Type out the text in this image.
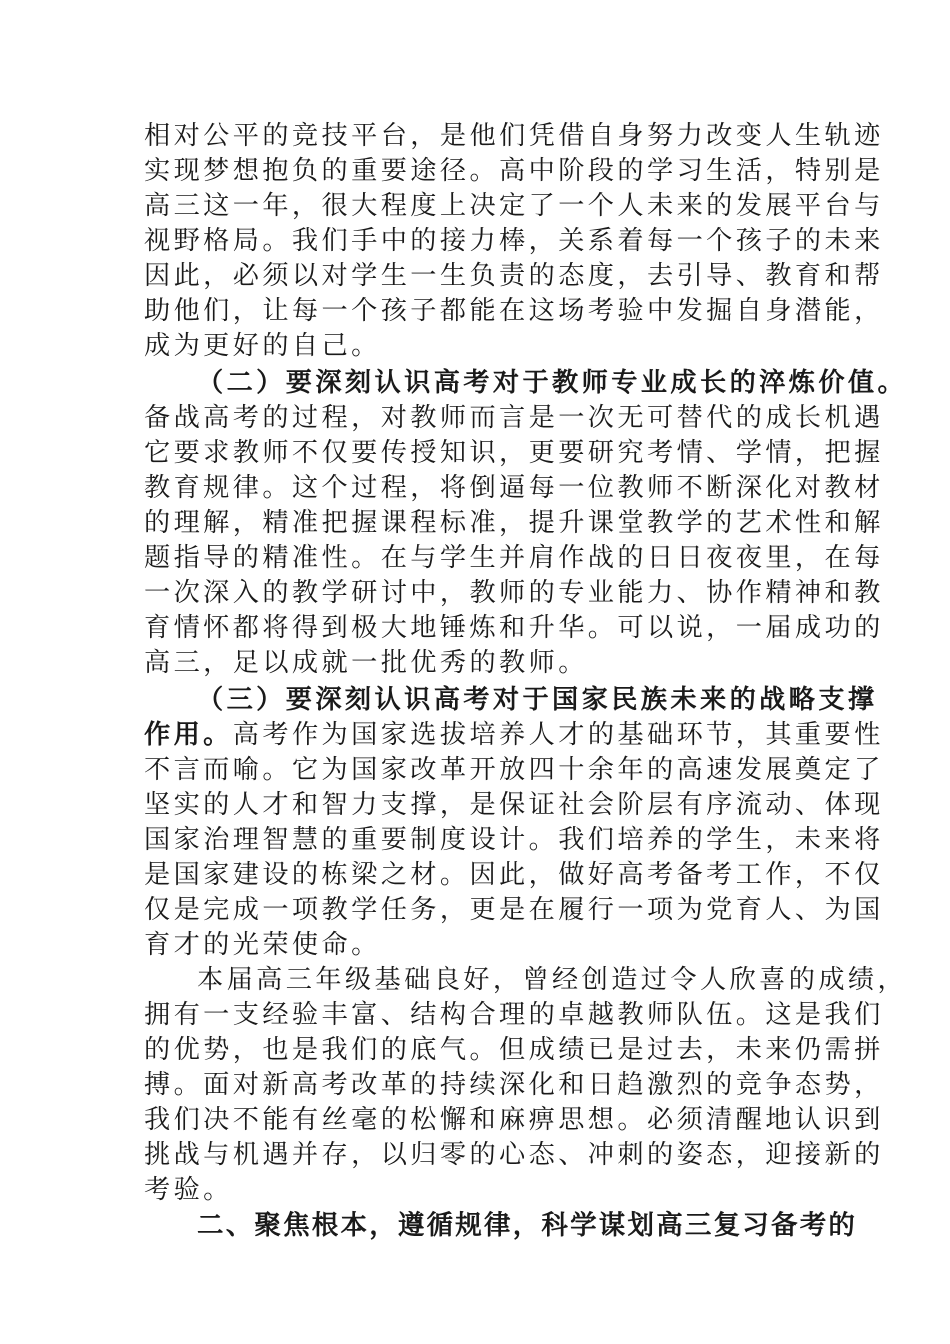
相对公平的竞技平台，是他们凭借自身努力改变人生轨迹
实现梦想抱负的重要途径。高中阶段的学习生活，特别是
高三这一年，很大程度上决定了一个人未来的发展平台与
视野格局。我们手中的接力棒，关系着每一个孩子的未来
因此，必须以对学生一生负责的态度，去引导、教育和帮
助他们，让每一个孩子都能在这场考验中发掘自身潜能，
成为更好的自己。
（二）要深刻认识高考对于教师专业成长的淬炼价值。
备战高考的过程，对教师而言是一次无可替代的成长机遇
它要求教师不仅要传授知识，更要研究考情、学情，把握
教育规律。这个过程，将倒逼每一位教师不断深化对教材
的理解，精准把握课程标准，提升课堂教学的艺术性和解
题指导的精准性。在与学生并肩作战的日日夜夜里，在每
一次深入的教学研讨中，教师的专业能力、协作精神和教
育情怀都将得到极大地锤炼和升华。可以说，一届成功的
高三，足以成就一批优秀的教师。
（三）要深刻认识高考对于国家民族未来的战略支撑
作用。高考作为国家选拔培养人才的基础环节，其重要性
不言而喻。它为国家改革开放四十余年的高速发展奠定了
坚实的人才和智力支撑，是保证社会阶层有序流动、体现
国家治理智慧的重要制度设计。我们培养的学生，未来将
是国家建设的栋梁之材。因此，做好高考备考工作，不仅
仅是完成一项教学任务，更是在履行一项为党育人、为国
育才的光荣使命。
本届高三年级基础良好，曾经创造过令人欣喜的成绩，
拥有一支经验丰富、结构合理的卓越教师队伍。这是我们
的优势，也是我们的底气。但成绩已是过去，未来仍需拼
搏。面对新高考改革的持续深化和日趋激烈的竞争态势，
我们决不能有丝毫的松懈和麻痹思想。必须清醒地认识到
挑战与机遇并存，以归零的心态、冲刺的姿态，迎接新的
考验。
二、聚焦根本，遵循规律，科学谋划高三复习备考的
